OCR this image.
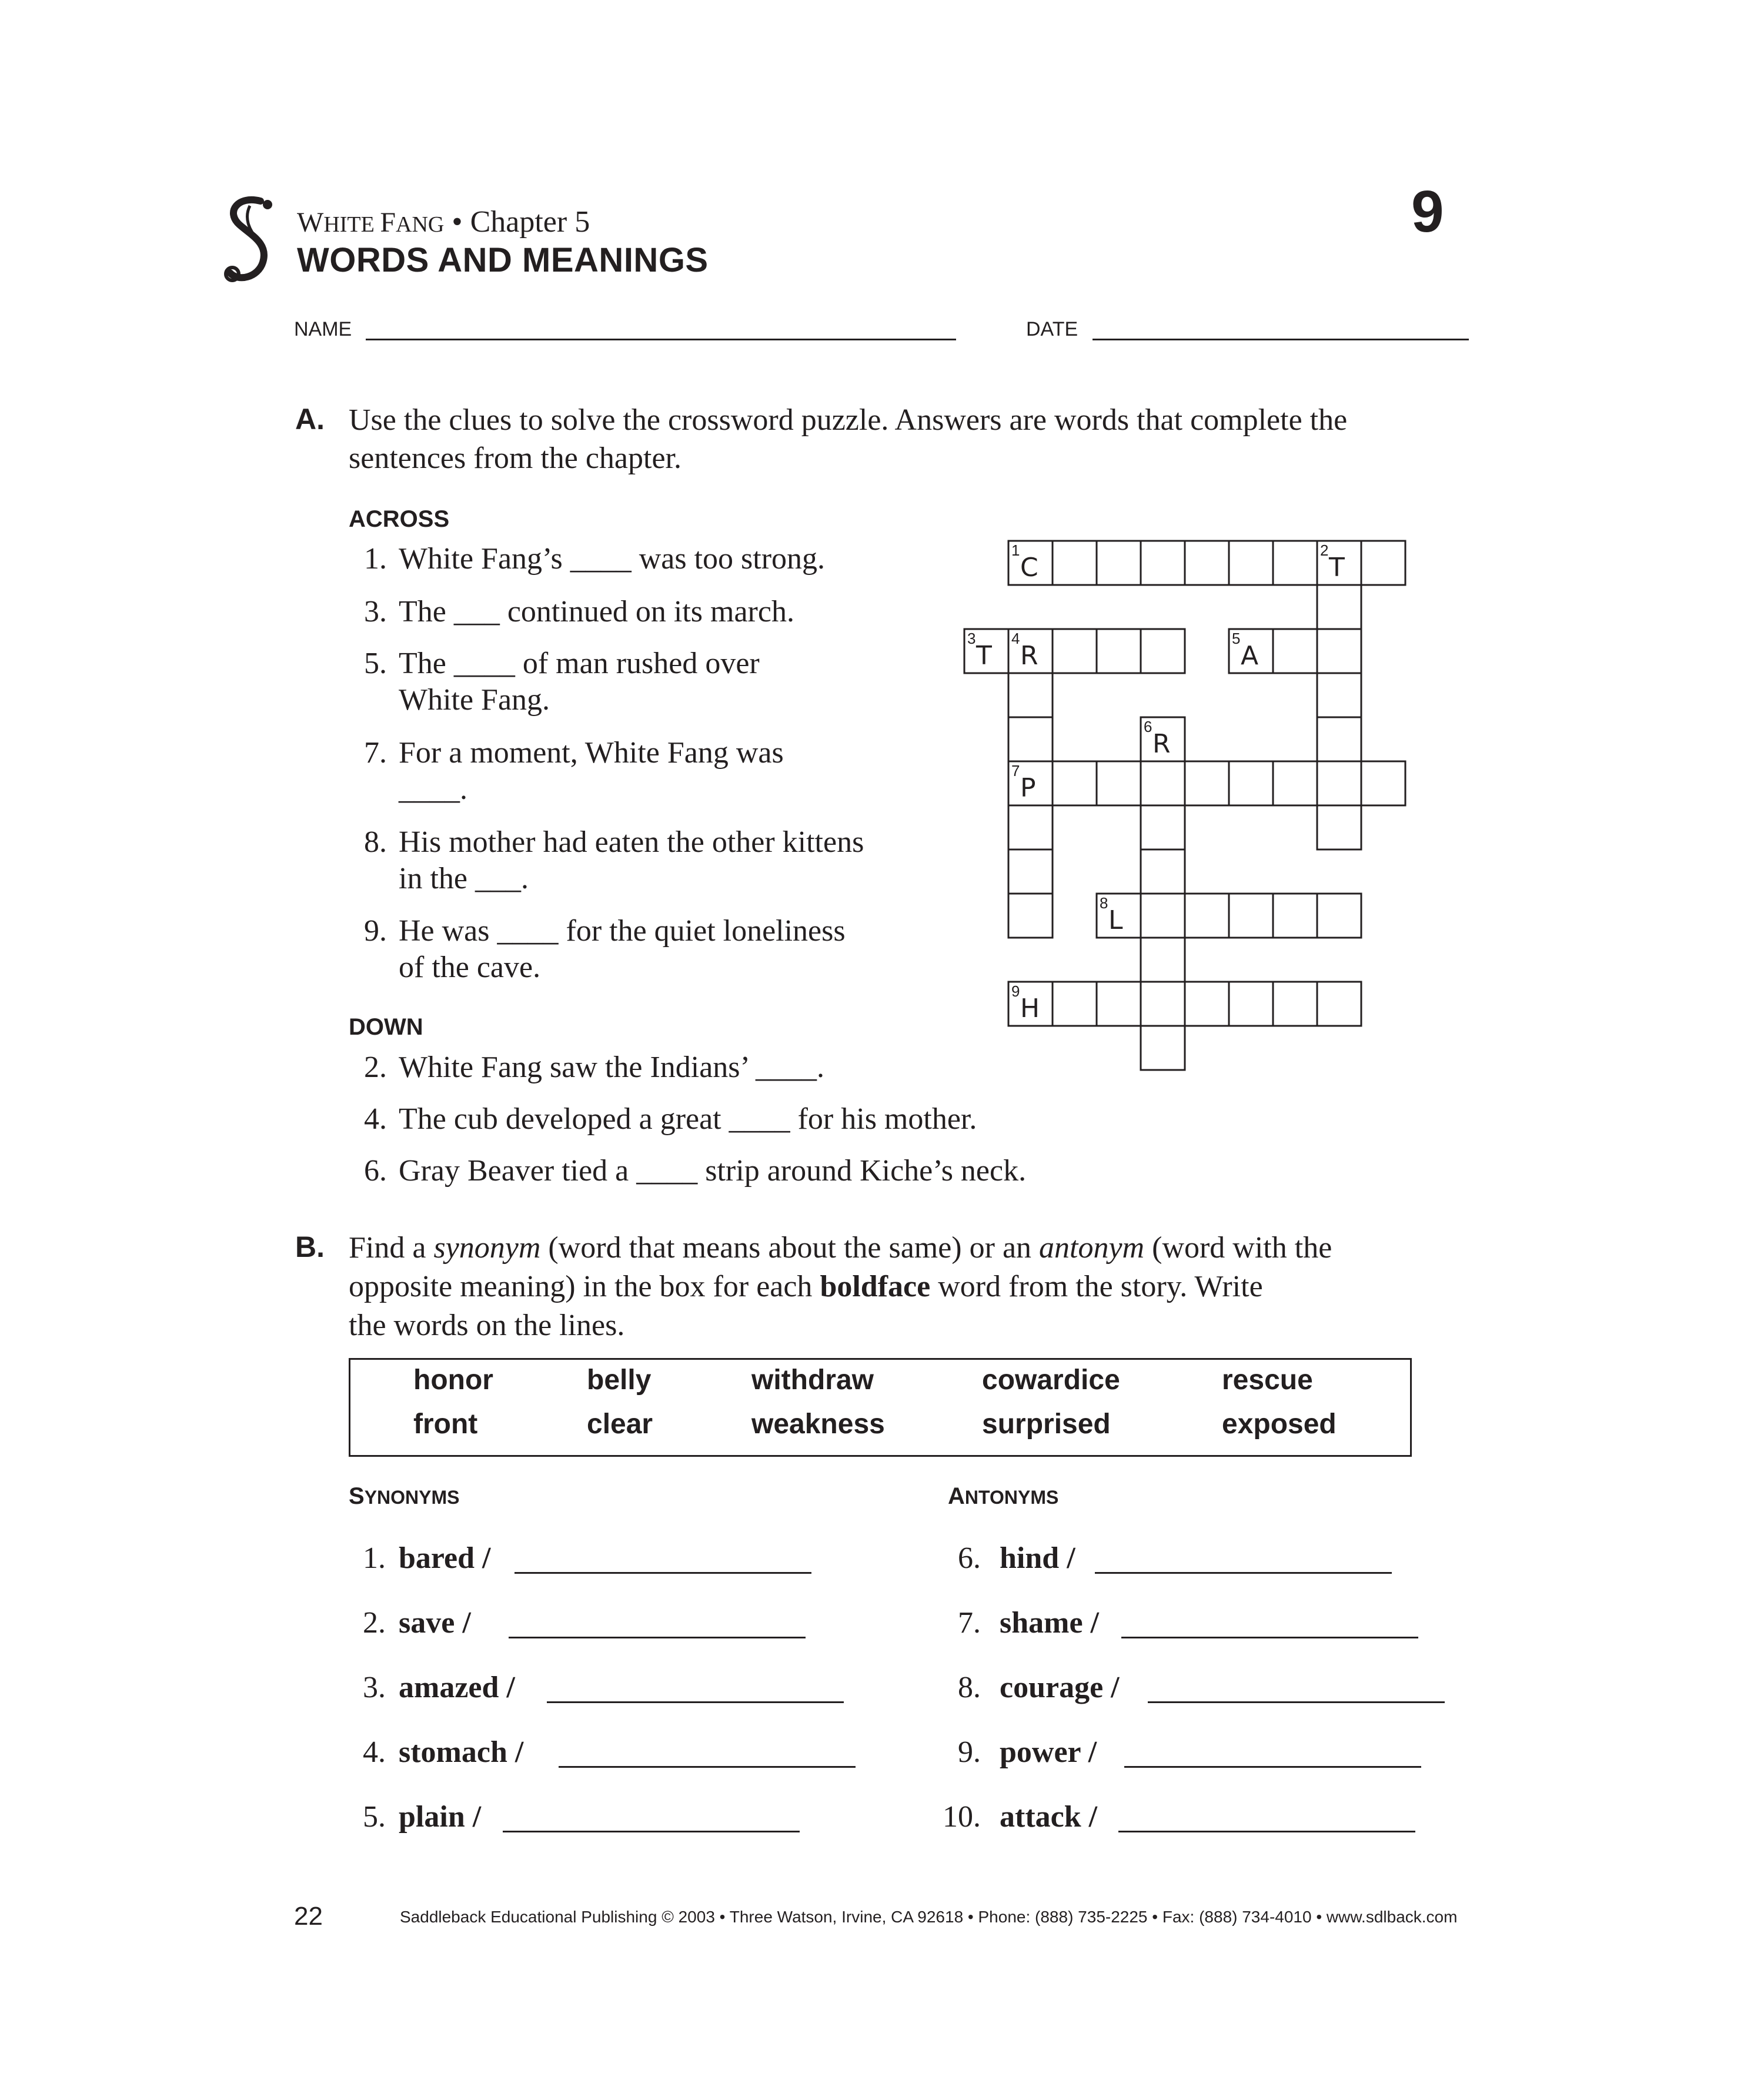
WHITE FANG • Chapter 5
WORDS AND MEANINGS
9
NAME	DATE
A. Use the clues to solve the crossword puzzle. Answers are words that complete the
sentences from the chapter.
ACROSS
1. White Fang’s ____ was too strong.
3. The ___ continued on its march.
5. The ____ of man rushed over
White Fang.
7. For a moment, White Fang was
____.
8. His mother had eaten the other kittens
in the ___.
9. He was ____ for the quiet loneliness
of the cave.
DOWN
2. White Fang saw the Indians’ ____.
4. The cub developed a great ____ for his mother.
6. Gray Beaver tied a ____ strip around Kiche’s neck.
1
C
2
T
3
T
4
R
5
A
6
R
7
P
8
L
9
H
B. Find a synonym (word that means about the same) or an antonym (word with the
opposite meaning) in the box for each boldface word from the story. Write
the words on the lines.
honor	belly	withdraw	cowardice	rescue
front	clear	weakness	surprised	exposed
SYNONYMS	ANTONYMS
1. bared /
2. save /
3. amazed /
4. stomach /
5. plain /
6. hind /
7. shame /
8. courage /
9. power /
10. attack /
22	Saddleback Educational Publishing © 2003 • Three Watson, Irvine, CA 92618 • Phone: (888) 735-2225 • Fax: (888) 734-4010 • www.sdlback.com
